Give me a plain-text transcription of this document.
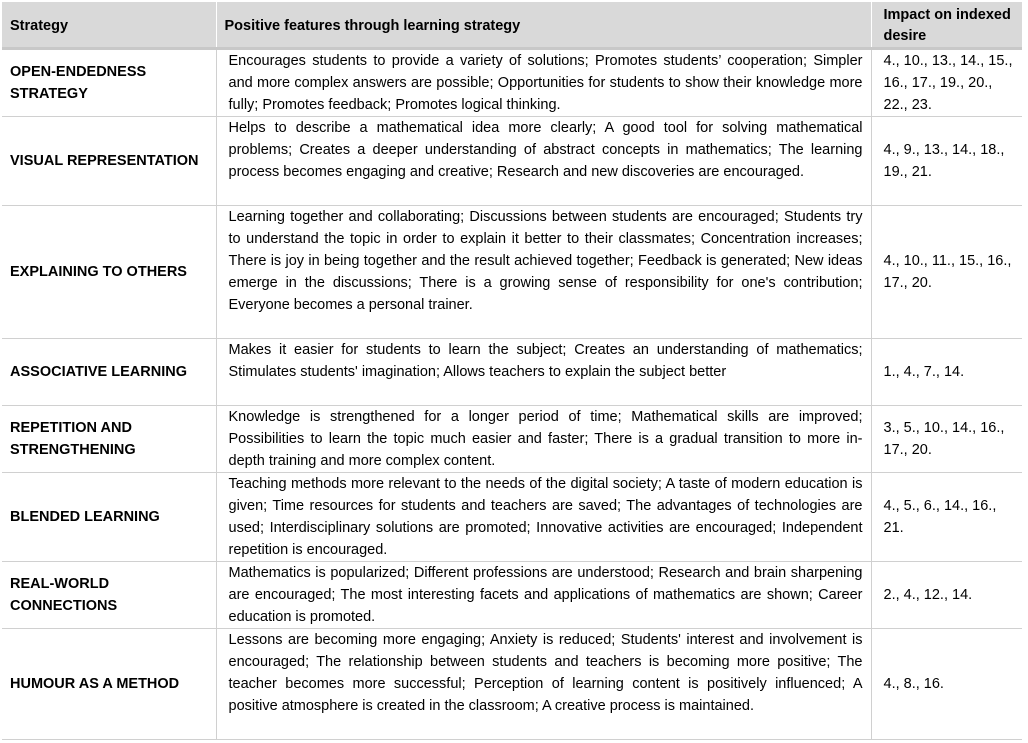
Strategy	Positive features through learning strategy	Impact on indexed desire
OPEN-ENDEDNESS STRATEGY	Encourages students to provide a variety of solutions; Promotes students’ cooperation; Simpler and more complex answers are possible; Opportunities for students to show their knowledge more fully; Promotes feedback; Promotes logical thinking.	4., 10., 13., 14., 15., 16., 17., 19., 20., 22., 23.
VISUAL REPRESENTATION	Helps to describe a mathematical idea more clearly; A good tool for solving mathematical problems; Creates a deeper understanding of abstract concepts in mathematics; The learning process becomes engaging and creative; Research and new discoveries are encouraged.	4., 9., 13., 14., 18., 19., 21.
EXPLAINING TO OTHERS	Learning together and collaborating; Discussions between students are encouraged; Students try to understand the topic in order to explain it better to their classmates; Concentration increases; There is joy in being together and the result achieved together; Feedback is generated; New ideas emerge in the discussions; There is a growing sense of responsibility for one's contribution; Everyone becomes a personal trainer.	4., 10., 11., 15., 16., 17., 20.
ASSOCIATIVE LEARNING	Makes it easier for students to learn the subject; Creates an understanding of mathematics; Stimulates students' imagination; Allows teachers to explain the subject better	1., 4., 7., 14.
REPETITION AND STRENGTHENING	Knowledge is strengthened for a longer period of time; Mathematical skills are improved; Possibilities to learn the topic much easier and faster; There is a gradual transition to more in-depth training and more complex content.	3., 5., 10., 14., 16., 17., 20.
BLENDED LEARNING	Teaching methods more relevant to the needs of the digital society; A taste of modern education is given; Time resources for students and teachers are saved; The advantages of technologies are used; Interdisciplinary solutions are promoted; Innovative activities are encouraged; Independent repetition is encouraged.	4., 5., 6., 14., 16., 21.
REAL-WORLD CONNECTIONS	Mathematics is popularized; Different professions are understood; Research and brain sharpening are encouraged; The most interesting facets and applications of mathematics are shown; Career education is promoted.	2., 4., 12., 14.
HUMOUR AS A METHOD	Lessons are becoming more engaging; Anxiety is reduced; Students' interest and involvement is encouraged; The relationship between students and teachers is becoming more positive; The teacher becomes more successful; Perception of learning content is positively influenced; A positive atmosphere is created in the classroom; A creative process is maintained.	4., 8., 16.
